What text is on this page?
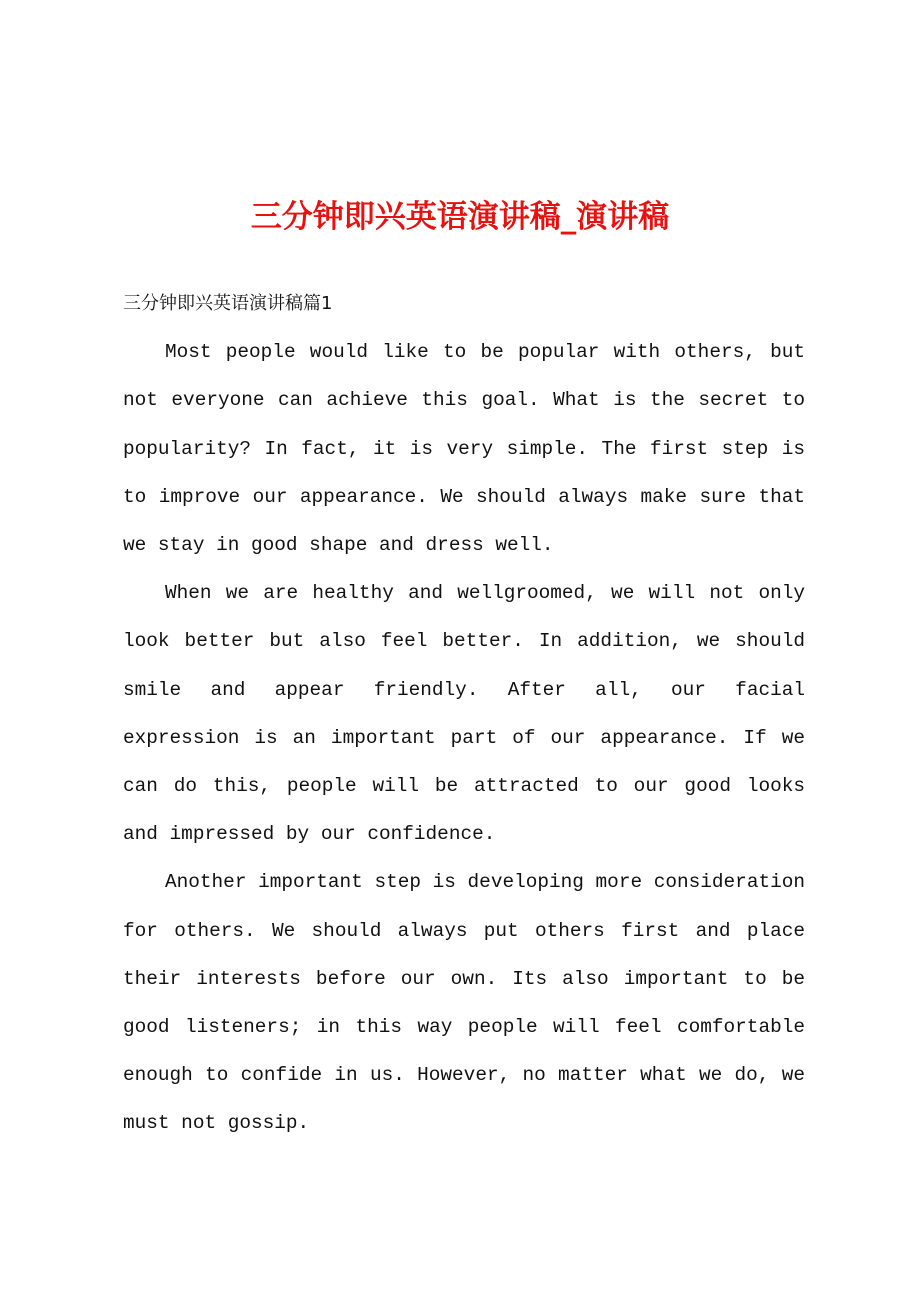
三分钟即兴英语演讲稿_演讲稿

三分钟即兴英语演讲稿篇1

Most people would like to be popular with others, but not everyone can achieve this goal. What is the secret to popularity? In fact, it is very simple. The first step is to improve our appearance. We should always make sure that we stay in good shape and dress well.

When we are healthy and wellgroomed, we will not only look better but also feel better. In addition, we should smile and appear friendly. After all, our facial expression is an important part of our appearance. If we can do this, people will be attracted to our good looks and impressed by our confidence.

Another important step is developing more consideration for others. We should always put others first and place their interests before our own. Its also important to be good listeners; in this way people will feel comfortable enough to confide in us. However, no matter what we do, we must not gossip.
